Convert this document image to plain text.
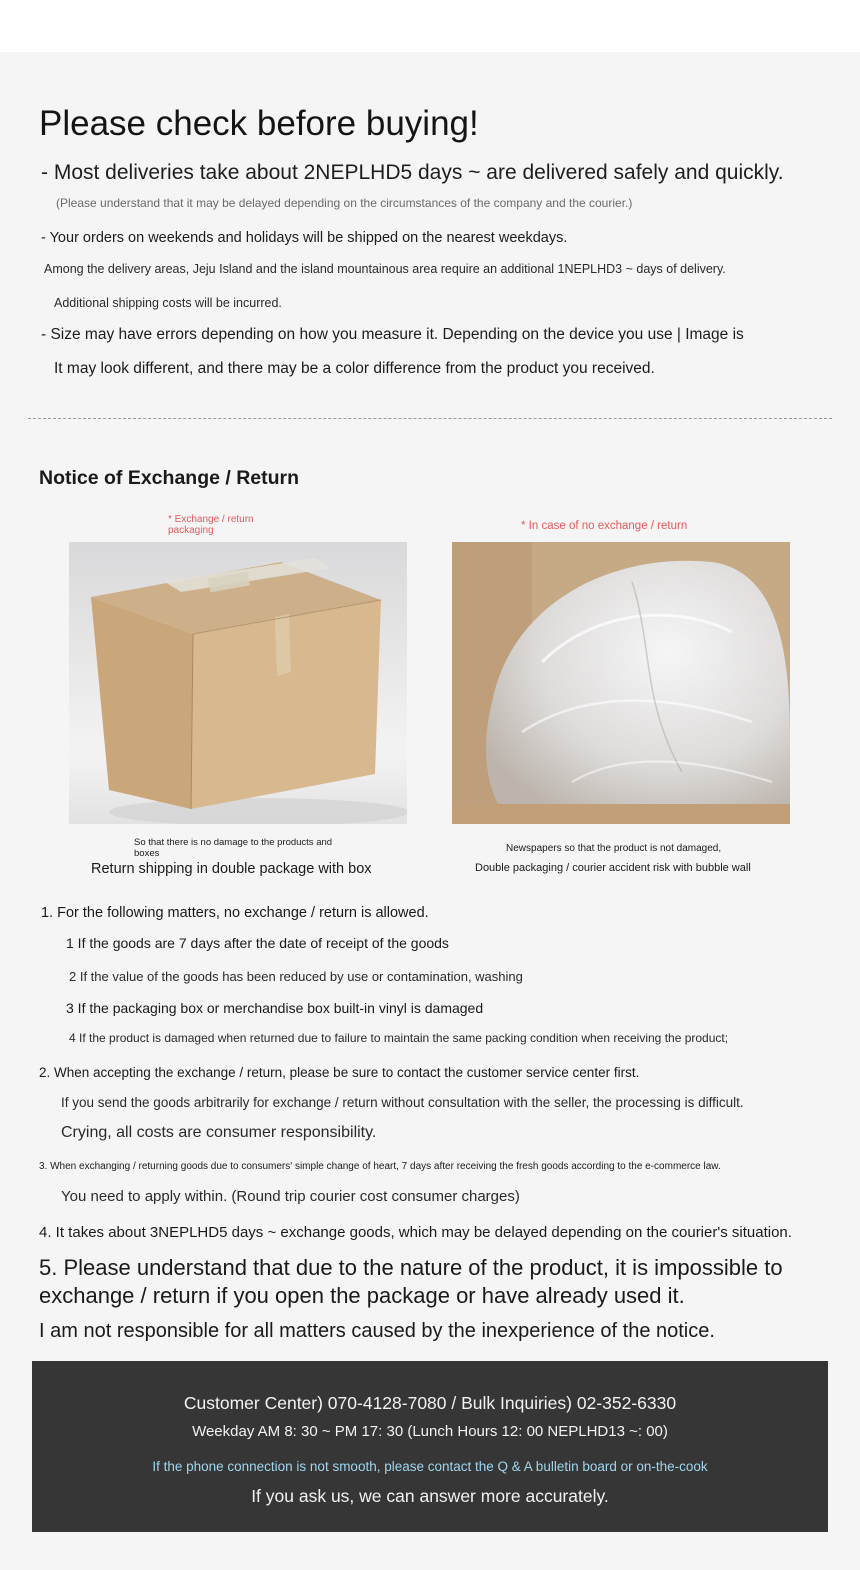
Please check before buying!

- Most deliveries take about 2NEPLHD5 days ~ are delivered safely and quickly.

(Please understand that it may be delayed depending on the circumstances of the company and the courier.)

- Your orders on weekends and holidays will be shipped on the nearest weekdays.

Among the delivery areas, Jeju Island and the island mountainous area require an additional 1NEPLHD3 ~ days of delivery.

Additional shipping costs will be incurred.

- Size may have errors depending on how you measure it. Depending on the device you use | Image is

It may look different, and there may be a color difference from the product you received.

Notice of Exchange / Return

* Exchange / return packaging	* In case of no exchange / return

So that there is no damage to the products and boxes

Return shipping in double package with box

Newspapers so that the product is not damaged,

Double packaging / courier accident risk with bubble wall

1. For the following matters, no exchange / return is allowed.

1 If the goods are 7 days after the date of receipt of the goods

2 If the value of the goods has been reduced by use or contamination, washing

3 If the packaging box or merchandise box built-in vinyl is damaged

4 If the product is damaged when returned due to failure to maintain the same packing condition when receiving the product;

2. When accepting the exchange / return, please be sure to contact the customer service center first.

If you send the goods arbitrarily for exchange / return without consultation with the seller, the processing is difficult.

Crying, all costs are consumer responsibility.

3. When exchanging / returning goods due to consumers' simple change of heart, 7 days after receiving the fresh goods according to the e-commerce law.

You need to apply within. (Round trip courier cost consumer charges)

4. It takes about 3NEPLHD5 days ~ exchange goods, which may be delayed depending on the courier's situation.

5. Please understand that due to the nature of the product, it is impossible to exchange / return if you open the package or have already used it.

I am not responsible for all matters caused by the inexperience of the notice.

Customer Center) 070-4128-7080 / Bulk Inquiries) 02-352-6330

Weekday AM 8: 30 ~ PM 17: 30 (Lunch Hours 12: 00 NEPLHD13 ~: 00)

If the phone connection is not smooth, please contact the Q & A bulletin board or on-the-cook

If you ask us, we can answer more accurately.
